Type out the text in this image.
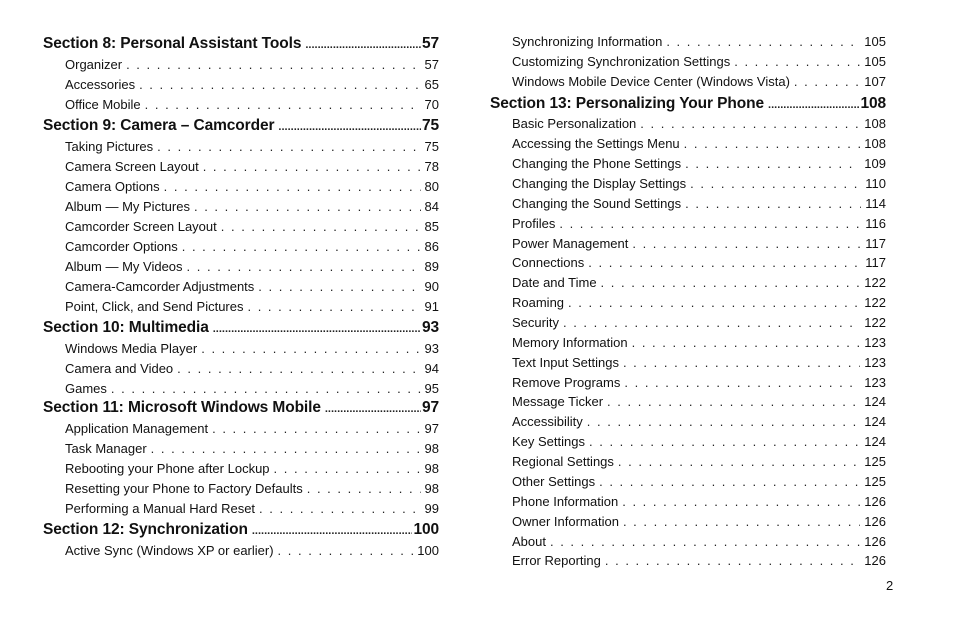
Section 8: Personal Assistant Tools .....	57
Organizer . . .	57
Accessories . . .	65
Office Mobile . . .	70
Section 9: Camera – Camcorder .....	75
Taking Pictures . . .	75
Camera Screen Layout . . .	78
Camera Options . . .	80
Album — My Pictures . . .	84
Camcorder Screen Layout . . .	85
Camcorder Options . . .	86
Album — My Videos . . .	89
Camera-Camcorder Adjustments . . .	90
Point, Click, and Send Pictures . . .	91
Section 10: Multimedia .....	93
Windows Media Player . . .	93
Camera and Video . . .	94
Games . . .	95
Section 11: Microsoft Windows Mobile .....	97
Application Management . . .	97
Task Manager . . .	98
Rebooting your Phone after Lockup . . .	98
Resetting your Phone to Factory Defaults . . .	98
Performing a Manual Hard Reset . . .	99
Section 12: Synchronization .....	100
Active Sync (Windows XP or earlier) . . .	100
Synchronizing Information . . .	105
Customizing Synchronization Settings . . .	105
Windows Mobile Device Center (Windows Vista) . . .	107
Section 13: Personalizing Your Phone .....	108
Basic Personalization . . .	108
Accessing the Settings Menu . . .	108
Changing the Phone Settings . . .	109
Changing the Display Settings . . .	110
Changing the Sound Settings . . .	114
Profiles . . .	116
Power Management . . .	117
Connections . . .	117
Date and Time . . .	122
Roaming . . .	122
Security . . .	122
Memory Information . . .	123
Text Input Settings . . .	123
Remove Programs . . .	123
Message Ticker . . .	124
Accessibility . . .	124
Key Settings . . .	124
Regional Settings . . .	125
Other Settings . . .	125
Phone Information . . .	126
Owner Information . . .	126
About . . .	126
Error Reporting . . .	126
2
